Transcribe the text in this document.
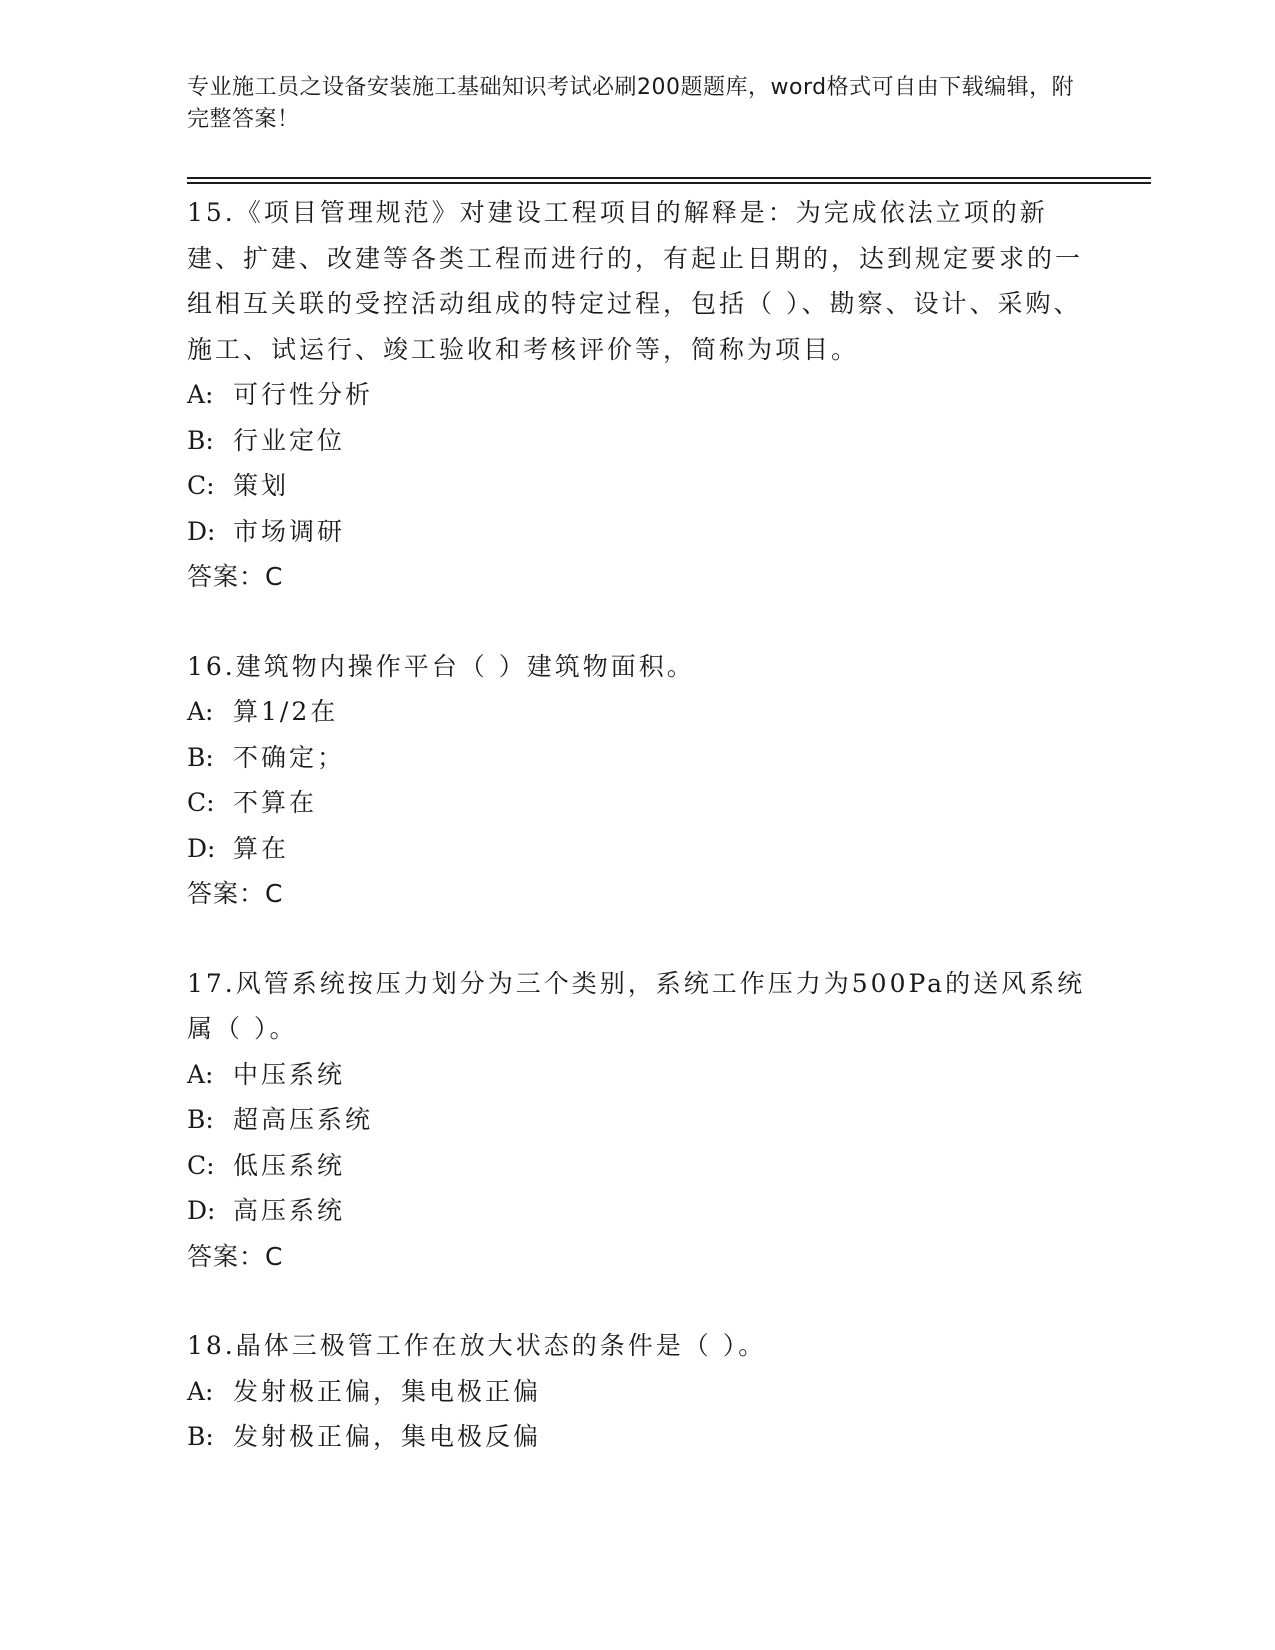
专业施工员之设备安装施工基础知识考试必刷200题题库，word格式可自由下载编辑，附完整答案！

15.《项目管理规范》对建设工程项目的解释是：为完成依法立项的新建、扩建、改建等各类工程而进行的，有起止日期的，达到规定要求的一组相互关联的受控活动组成的特定过程，包括（ ）、勘察、设计、采购、施工、试运行、竣工验收和考核评价等，简称为项目。

A: 可行性分析

B: 行业定位

C: 策划

D: 市场调研

答案：C

16.建筑物内操作平台（ ）建筑物面积。

A: 算1/2在

B: 不确定；

C: 不算在

D: 算在

答案：C

17.风管系统按压力划分为三个类别，系统工作压力为500Pa的送风系统属（ ）。

A: 中压系统

B: 超高压系统

C: 低压系统

D: 高压系统

答案：C

18.晶体三极管工作在放大状态的条件是（ ）。

A: 发射极正偏，集电极正偏

B: 发射极正偏，集电极反偏
